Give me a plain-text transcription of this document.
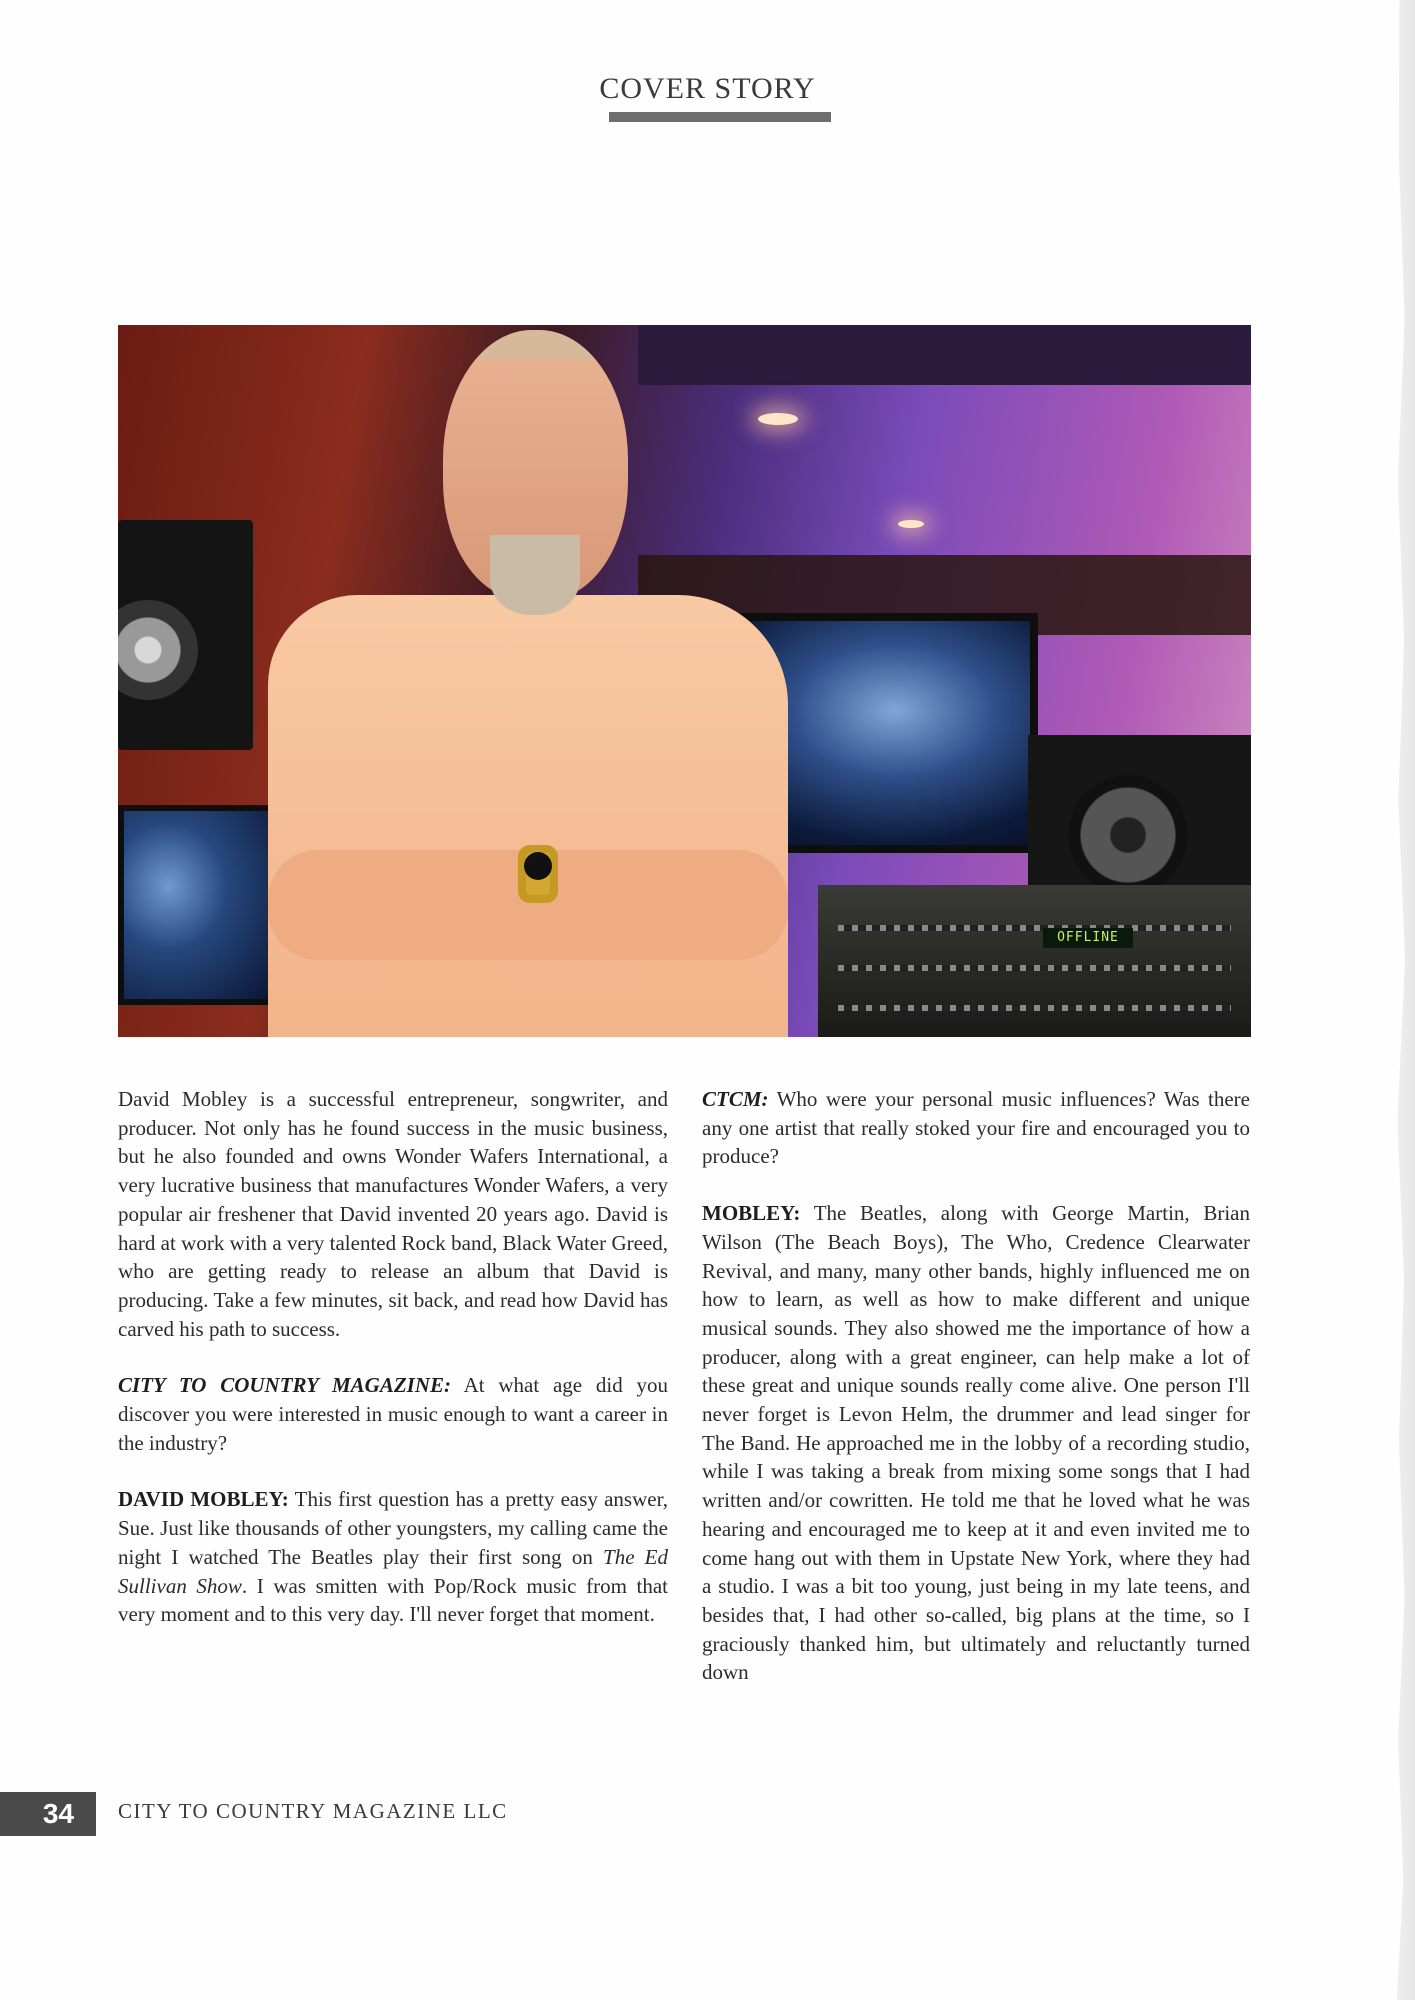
COVER STORY
OFFLINE

David Mobley is a successful entrepreneur, songwriter, and producer. Not only has he found success in the music business, but he also founded and owns Wonder Wafers International, a very lucrative business that manufactures Wonder Wafers, a very popular air freshener that David invented 20 years ago. David is hard at work with a very talented Rock band, Black Water Greed, who are getting ready to release an album that David is producing. Take a few minutes, sit back, and read how David has carved his path to success.

CITY TO COUNTRY MAGAZINE: At what age did you discover you were interested in music enough to want a career in the industry?

DAVID MOBLEY: This first question has a pretty easy answer, Sue. Just like thousands of other youngsters, my calling came the night I watched The Beatles play their first song on The Ed Sullivan Show. I was smitten with Pop/Rock music from that very moment and to this very day. I'll never forget that moment.

CTCM: Who were your personal music influences? Was there any one artist that really stoked your fire and encouraged you to produce?

MOBLEY: The Beatles, along with George Martin, Brian Wilson (The Beach Boys), The Who, Credence Clearwater Revival, and many, many other bands, highly influenced me on how to learn, as well as how to make different and unique musical sounds. They also showed me the importance of how a producer, along with a great engineer, can help make a lot of these great and unique sounds really come alive. One person I'll never forget is Levon Helm, the drummer and lead singer for The Band. He approached me in the lobby of a recording studio, while I was taking a break from mixing some songs that I had written and/or cowritten. He told me that he loved what he was hearing and encouraged me to keep at it and even invited me to come hang out with them in Upstate New York, where they had a studio. I was a bit too young, just being in my late teens, and besides that, I had other so-called, big plans at the time, so I graciously thanked him, but ultimately and reluctantly turned down

34	CITY TO COUNTRY MAGAZINE LLC
